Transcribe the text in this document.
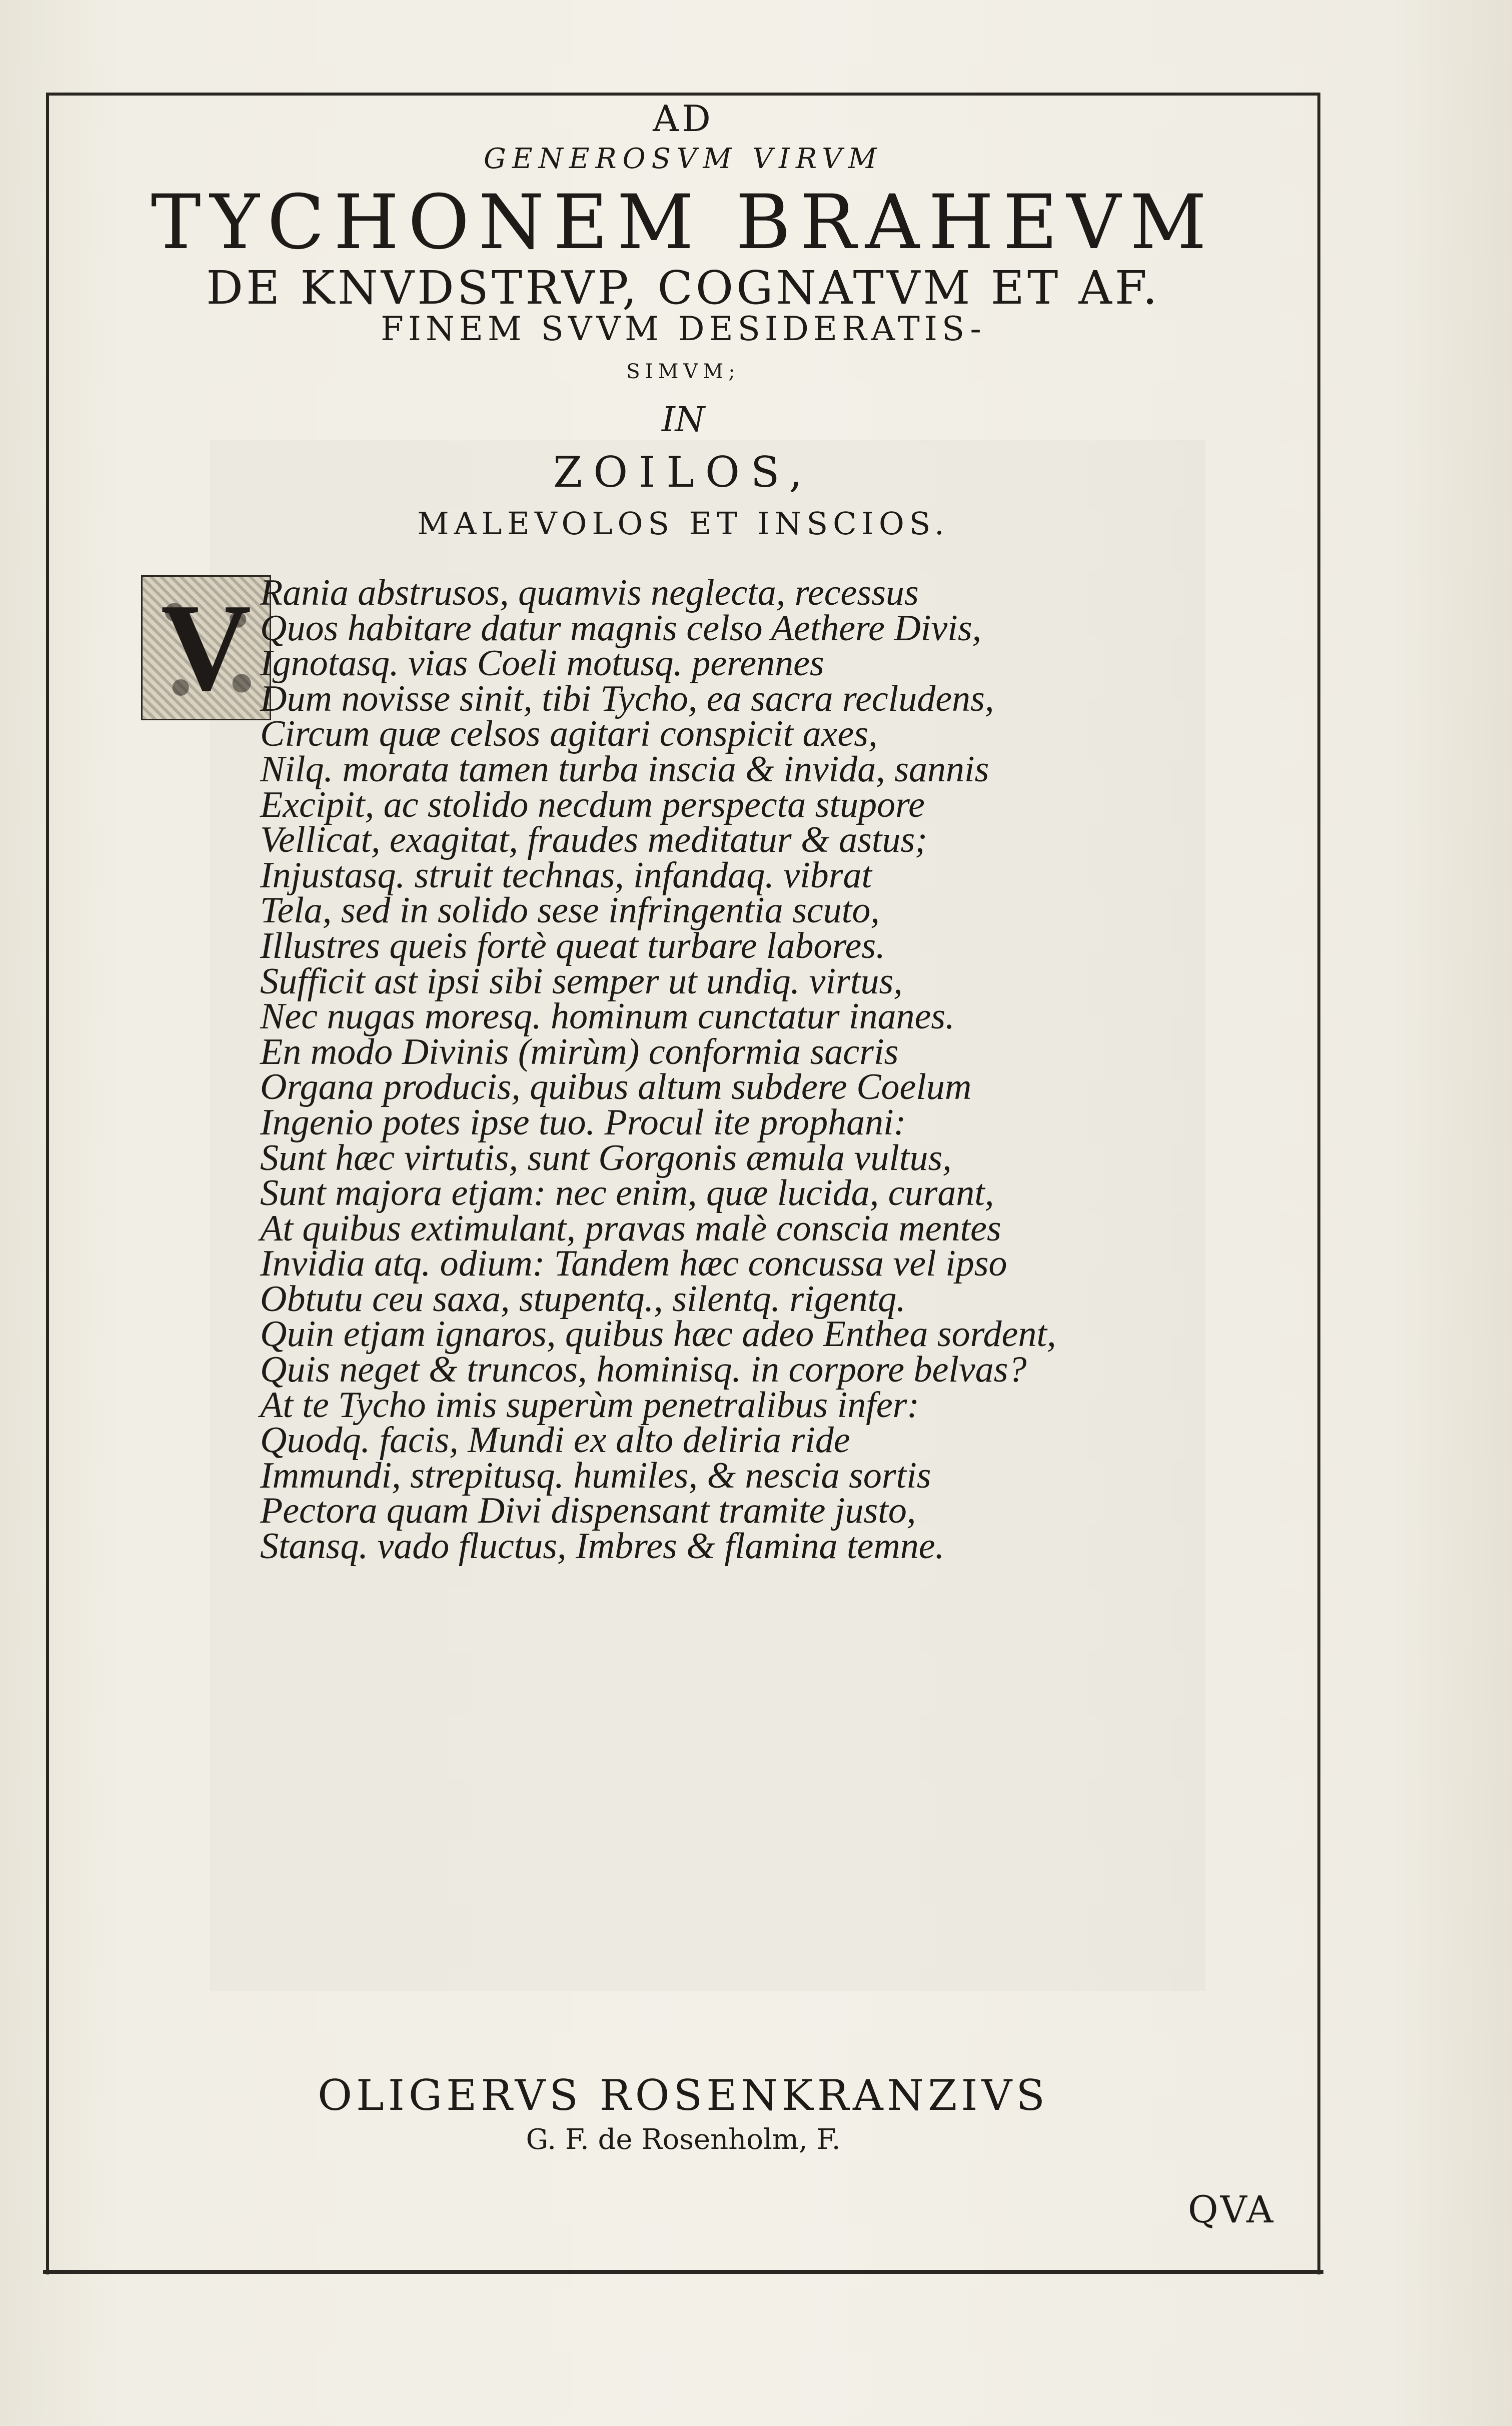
AD
GENEROSVM VIRVM
TYCHONEM BRAHEVM
DE KNVDSTRVP, COGNATVM ET AF.
FINEM SVVM DESIDERATIS-
SIMVM;
IN
ZOILOS,
MALEVOLOS ET INSCIOS.
V Rania abstrusos, quamvis neglecta, recessus
Quos habitare datur magnis celso Aethere Divis,
Ignotasq. vias Coeli motusq. perennes
Dum novisse sinit, tibi Tycho, ea sacra recludens,
Circum quæ celsos agitari conspicit axes,
Nilq. morata tamen turba inscia & invida, sannis
Excipit, ac stolido necdum perspecta stupore
Vellicat, exagitat, fraudes meditatur & astus;
Injustasq. struit technas, infandaq. vibrat
Tela, sed in solido sese infringentia scuto,
Illustres queis fortè queat turbare labores.
Sufficit ast ipsi sibi semper ut undiq. virtus,
Nec nugas moresq. hominum cunctatur inanes.
En modo Divinis (mirùm) conformia sacris
Organa producis, quibus altum subdere Coelum
Ingenio potes ipse tuo. Procul ite prophani:
Sunt hæc virtutis, sunt Gorgonis æmula vultus,
Sunt majora etjam: nec enim, quæ lucida, curant,
At quibus extimulant, pravas malè conscia mentes
Invidia atq. odium: Tandem hæc concussa vel ipso
Obtutu ceu saxa, stupentq., silentq. rigentq.
Quin etjam ignaros, quibus hæc adeo Enthea sordent,
Quis neget & truncos, hominisq. in corpore belvas?
At te Tycho imis superùm penetralibus infer:
Quodq. facis, Mundi ex alto deliria ride
Immundi, strepitusq. humiles, & nescia sortis
Pectora quam Divi dispensant tramite justo,
Stansq. vado fluctus, Imbres & flamina temne.
OLIGERVS ROSENKRANZIVS
G. F. de Rosenholm, F.
QVA
